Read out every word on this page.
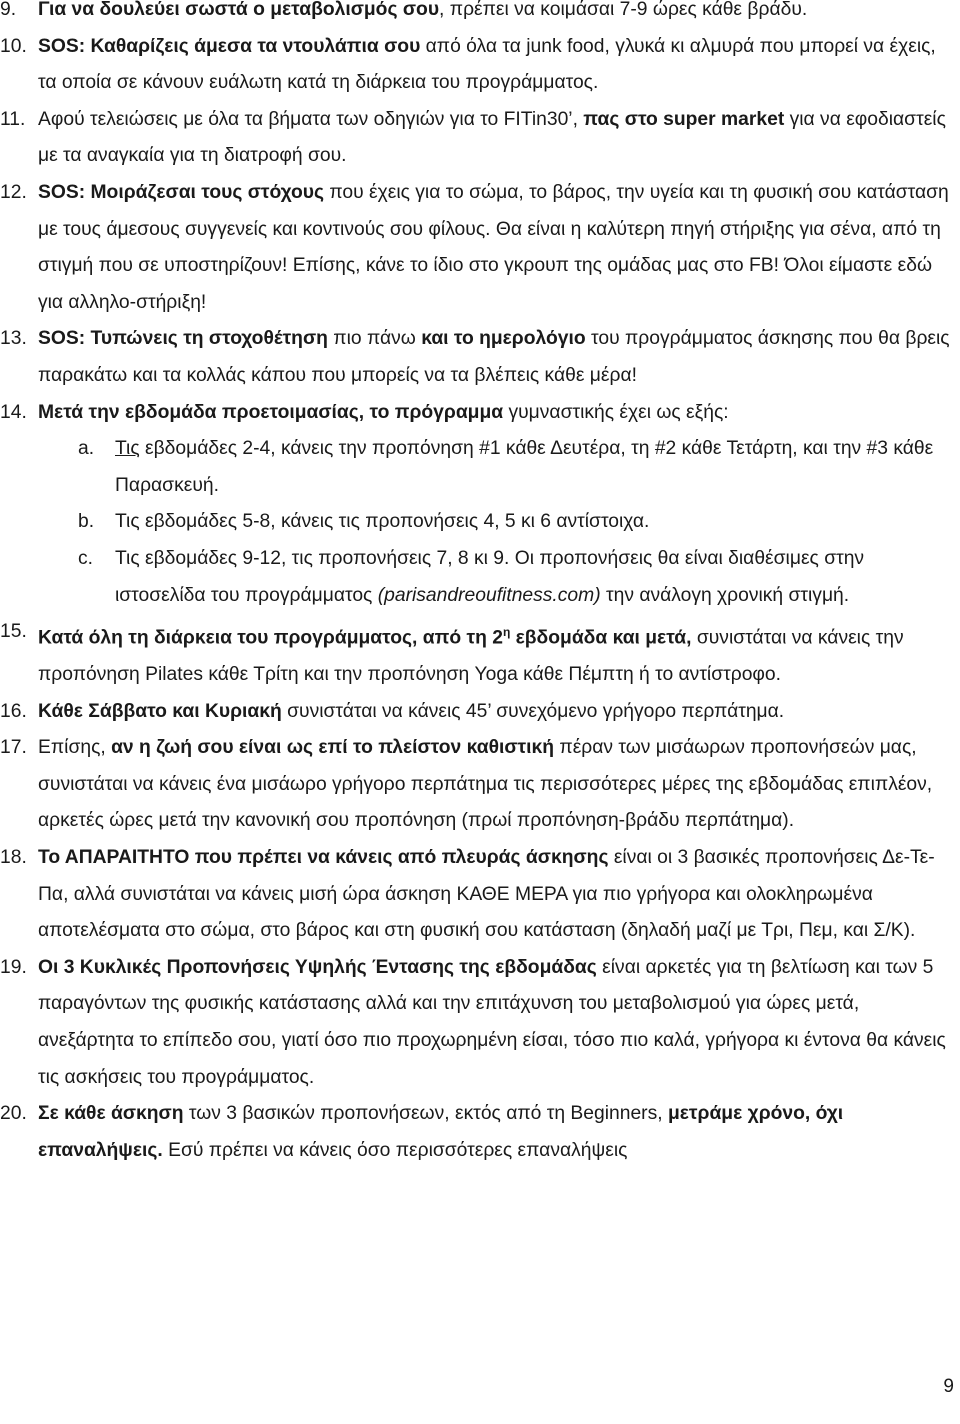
9.	Για να δουλεύει σωστά ο μεταβολισμός σου, πρέπει να κοιμάσαι 7-9 ώρες κάθε βράδυ.
10. SOS: Καθαρίζεις άμεσα τα ντουλάπια σου από όλα τα junk food, γλυκά κι αλμυρά που μπορεί να έχεις, τα οποία σε κάνουν ευάλωτη κατά τη διάρκεια του προγράμματος.
11. Αφού τελειώσεις με όλα τα βήματα των οδηγιών για το FITin30’, πας στο super market για να εφοδιαστείς με τα αναγκαία για τη διατροφή σου.
12. SOS: Μοιράζεσαι τους στόχους που έχεις για το σώμα, το βάρος, την υγεία και τη φυσική σου κατάσταση με τους άμεσους συγγενείς και κοντινούς σου φίλους. Θα είναι η καλύτερη πηγή στήριξης για σένα, από τη στιγμή που σε υποστηρίζουν! Επίσης, κάνε το ίδιο στο γκρουπ της ομάδας μας στο FB! Όλοι είμαστε εδώ για αλληλο-στήριξη!
13. SOS: Τυπώνεις τη στοχοθέτηση πιο πάνω και το ημερολόγιο του προγράμματος άσκησης που θα βρεις παρακάτω και τα κολλάς κάπου που μπορείς να τα βλέπεις κάθε μέρα!
14. Μετά την εβδομάδα προετοιμασίας, το πρόγραμμα γυμναστικής έχει ως εξής:
a.	Τις εβδομάδες 2-4, κάνεις την προπόνηση #1 κάθε Δευτέρα, τη #2 κάθε Τετάρτη, και την #3 κάθε Παρασκευή.
b.	Τις εβδομάδες 5-8, κάνεις τις προπονήσεις 4, 5 κι 6 αντίστοιχα.
c.	Τις εβδομάδες 9-12, τις προπονήσεις 7, 8 κι 9. Οι προπονήσεις θα είναι διαθέσιμες στην ιστοσελίδα του προγράμματος (parisandreoufitness.com) την ανάλογη χρονική στιγμή.
15. Κατά όλη τη διάρκεια του προγράμματος, από τη $2^\eta$ εβδομάδα και μετά, συνιστάται να κάνεις την προπόνηση Pilates κάθε Τρίτη και την προπόνηση Yoga κάθε Πέμπτη ή το αντίστροφο.
16. Κάθε Σάββατο και Κυριακή συνιστάται να κάνεις 45’ συνεχόμενο γρήγορο περπάτημα.
17. Επίσης, αν η ζωή σου είναι ως επί το πλείστον καθιστική πέραν των μισάωρων προπονήσεών μας, συνιστάται να κάνεις ένα μισάωρο γρήγορο περπάτημα τις περισσότερες μέρες της εβδομάδας επιπλέον, αρκετές ώρες μετά την κανονική σου προπόνηση (πρωί προπόνηση-βράδυ περπάτημα).
18. Το ΑΠΑΡΑΙΤΗΤΟ που πρέπει να κάνεις από πλευράς άσκησης είναι οι 3 βασικές προπονήσεις Δε-Τε-Πα, αλλά συνιστάται να κάνεις μισή ώρα άσκηση ΚΑΘΕ ΜΕΡΑ για πιο γρήγορα και ολοκληρωμένα αποτελέσματα στο σώμα, στο βάρος και στη φυσική σου κατάσταση (δηλαδή μαζί με Τρι, Πεμ, και Σ/Κ).
19. Οι 3 Κυκλικές Προπονήσεις Υψηλής Έντασης της εβδομάδας είναι αρκετές για τη βελτίωση και των 5 παραγόντων της φυσικής κατάστασης αλλά και την επιτάχυνση του μεταβολισμού για ώρες μετά, ανεξάρτητα το επίπεδο σου, γιατί όσο πιο προχωρημένη είσαι, τόσο πιο καλά, γρήγορα κι έντονα θα κάνεις τις ασκήσεις του προγράμματος.
20. Σε κάθε άσκηση των 3 βασικών προπονήσεων, εκτός από τη Beginners, μετράμε χρόνο, όχι επαναλήψεις. Εσύ πρέπει να κάνεις όσο περισσότερες επαναλήψεις
9
